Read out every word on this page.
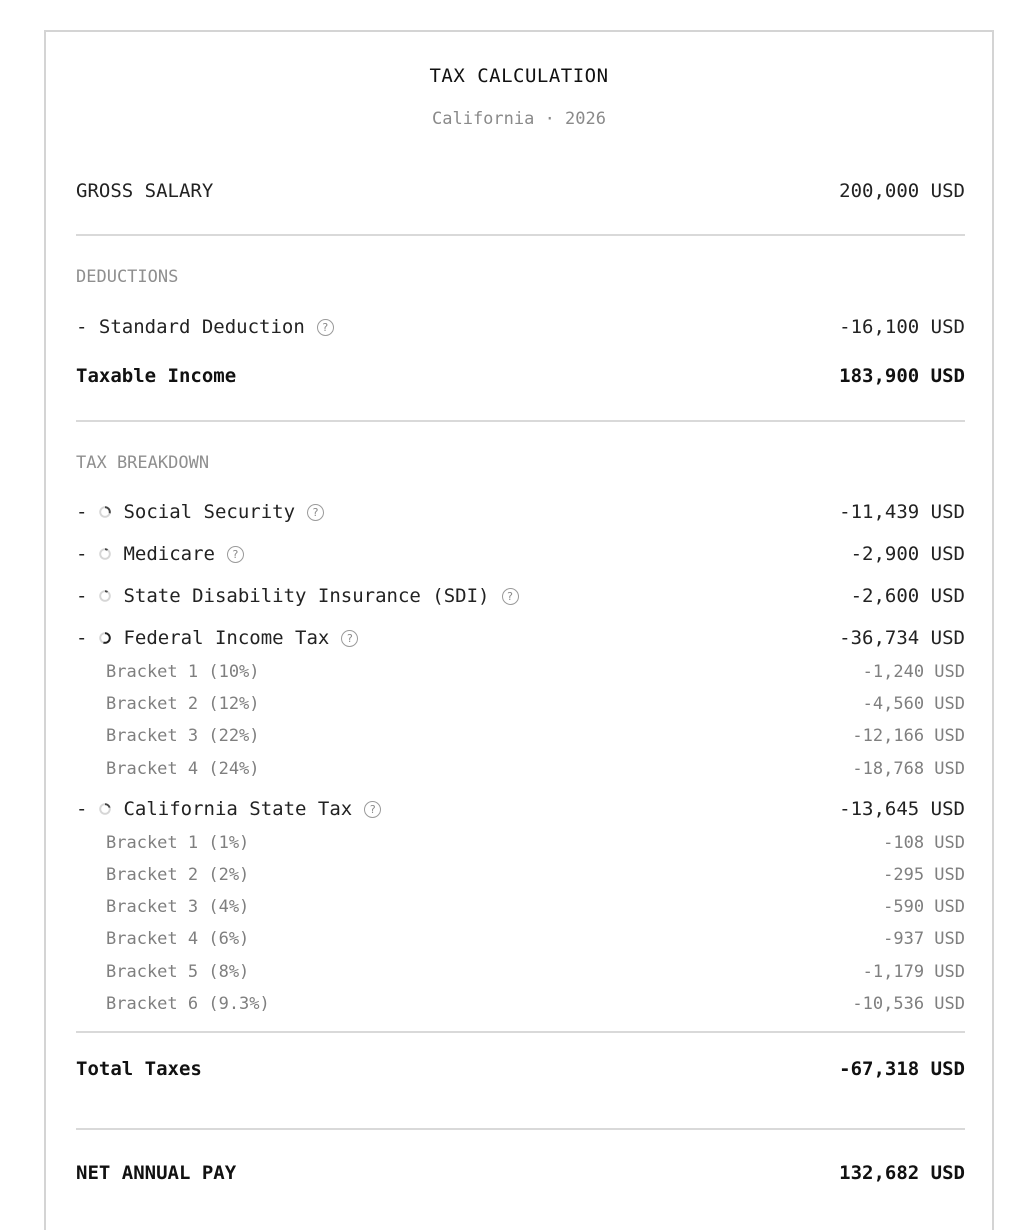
TAX CALCULATION
California · 2026
GROSS SALARY	200,000 USD
DEDUCTIONS
- Standard Deduction	?	-16,100 USD
Taxable Income	183,900 USD
TAX BREAKDOWN
- Social Security	?	-11,439 USD
- Medicare	?	-2,900 USD
- State Disability Insurance (SDI)	?	-2,600 USD
- Federal Income Tax	?	-36,734 USD
Bracket 1 (10%)	-1,240 USD
Bracket 2 (12%)	-4,560 USD
Bracket 3 (22%)	-12,166 USD
Bracket 4 (24%)	-18,768 USD
- California State Tax	?	-13,645 USD
Bracket 1 (1%)	-108 USD
Bracket 2 (2%)	-295 USD
Bracket 3 (4%)	-590 USD
Bracket 4 (6%)	-937 USD
Bracket 5 (8%)	-1,179 USD
Bracket 6 (9.3%)	-10,536 USD
Total Taxes	-67,318 USD
NET ANNUAL PAY	132,682 USD
